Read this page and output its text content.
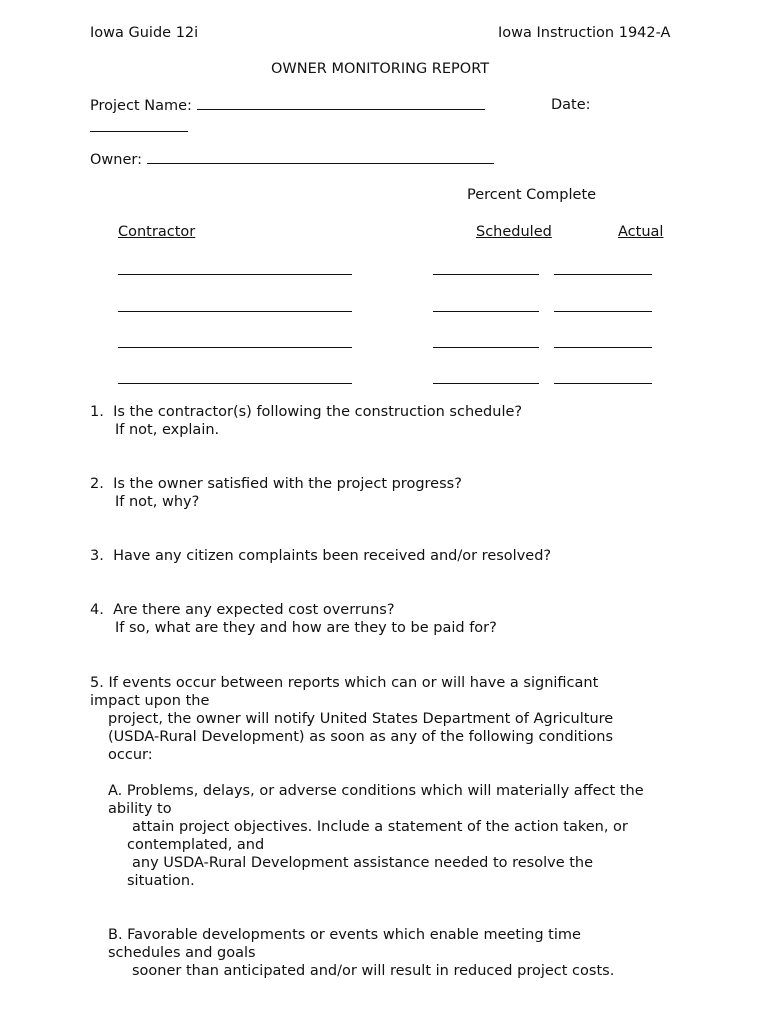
Iowa Guide 12i	Iowa Instruction 1942-A
OWNER MONITORING REPORT
Project Name:	Date:
Owner:
Percent Complete
Contractor	Scheduled	Actual
1. Is the contractor(s) following the construction schedule?
If not, explain.
2. Is the owner satisfied with the project progress?
If not, why?
3. Have any citizen complaints been received and/or resolved?
4. Are there any expected cost overruns?
If so, what are they and how are they to be paid for?
5. If events occur between reports which can or will have a significant
impact upon the
project, the owner will notify United States Department of Agriculture
(USDA-Rural Development) as soon as any of the following conditions
occur:
A. Problems, delays, or adverse conditions which will materially affect the
ability to
attain project objectives. Include a statement of the action taken, or
contemplated, and
any USDA-Rural Development assistance needed to resolve the
situation.
B. Favorable developments or events which enable meeting time
schedules and goals
sooner than anticipated and/or will result in reduced project costs.
